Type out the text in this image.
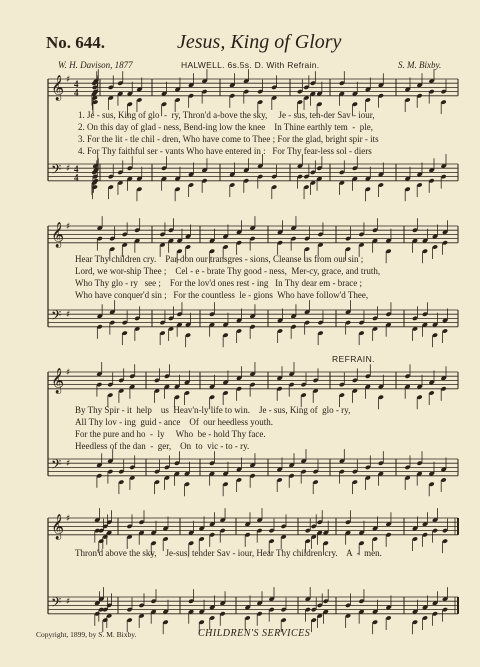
No. 644.	Jesus, King of Glory
W. H. Davison, 1877	HALWELL. 6s.5s. D. With Refrain.	S. M. Bixby.
𝄞 ♯ 4
4
𝄢 ♯ 4
4
𝄞 ♯
𝄢 ♯
𝄞 ♯
𝄢 ♯
𝄞 ♯
𝄢 ♯
1. Je - sus, King of glo  -  ry, Thron'd a-bove the sky,     Je - sus, ten-der Sav - iour,
2. On this day of glad - ness, Bend-ing low the knee    In Thine earthly tem  -  ple,
3. For the lit - tle chil - dren, Who have come to Thee ; For the glad, bright spir - its
4. For Thy faithful ser - vants Who have entered in :   For Thy fear-less sol - diers
Hear Thy children cry.    Par-don our transgres - sions, Cleanse us from our sin ;
Lord, we wor-ship Thee ;    Cel - e - brate Thy good - ness,  Mer-cy, grace, and truth,
Who Thy glo - ry   see ;    For the lov'd ones rest - ing   In Thy dear em - brace ;
Who have conquer'd sin ;   For the countless  le - gions  Who have follow'd Thee,
REFRAIN.
By Thy Spir - it  help    us  Heav'n-ly life to win.    Je - sus, King of  glo - ry,
All Thy lov - ing  guid - ance    Of  our heedless youth.
For the pure and ho  -  ly     Who  be - hold Thy face.
Heedless of the dan  -  ger,    On  to  vic - to - ry.
Thron'd above the sky,    Je-sus, tender Sav - iour, Hear Thy children cry.    A  -  men.
Copyright, 1899, by S. M. Bixby.	CHILDREN'S SERVICES
